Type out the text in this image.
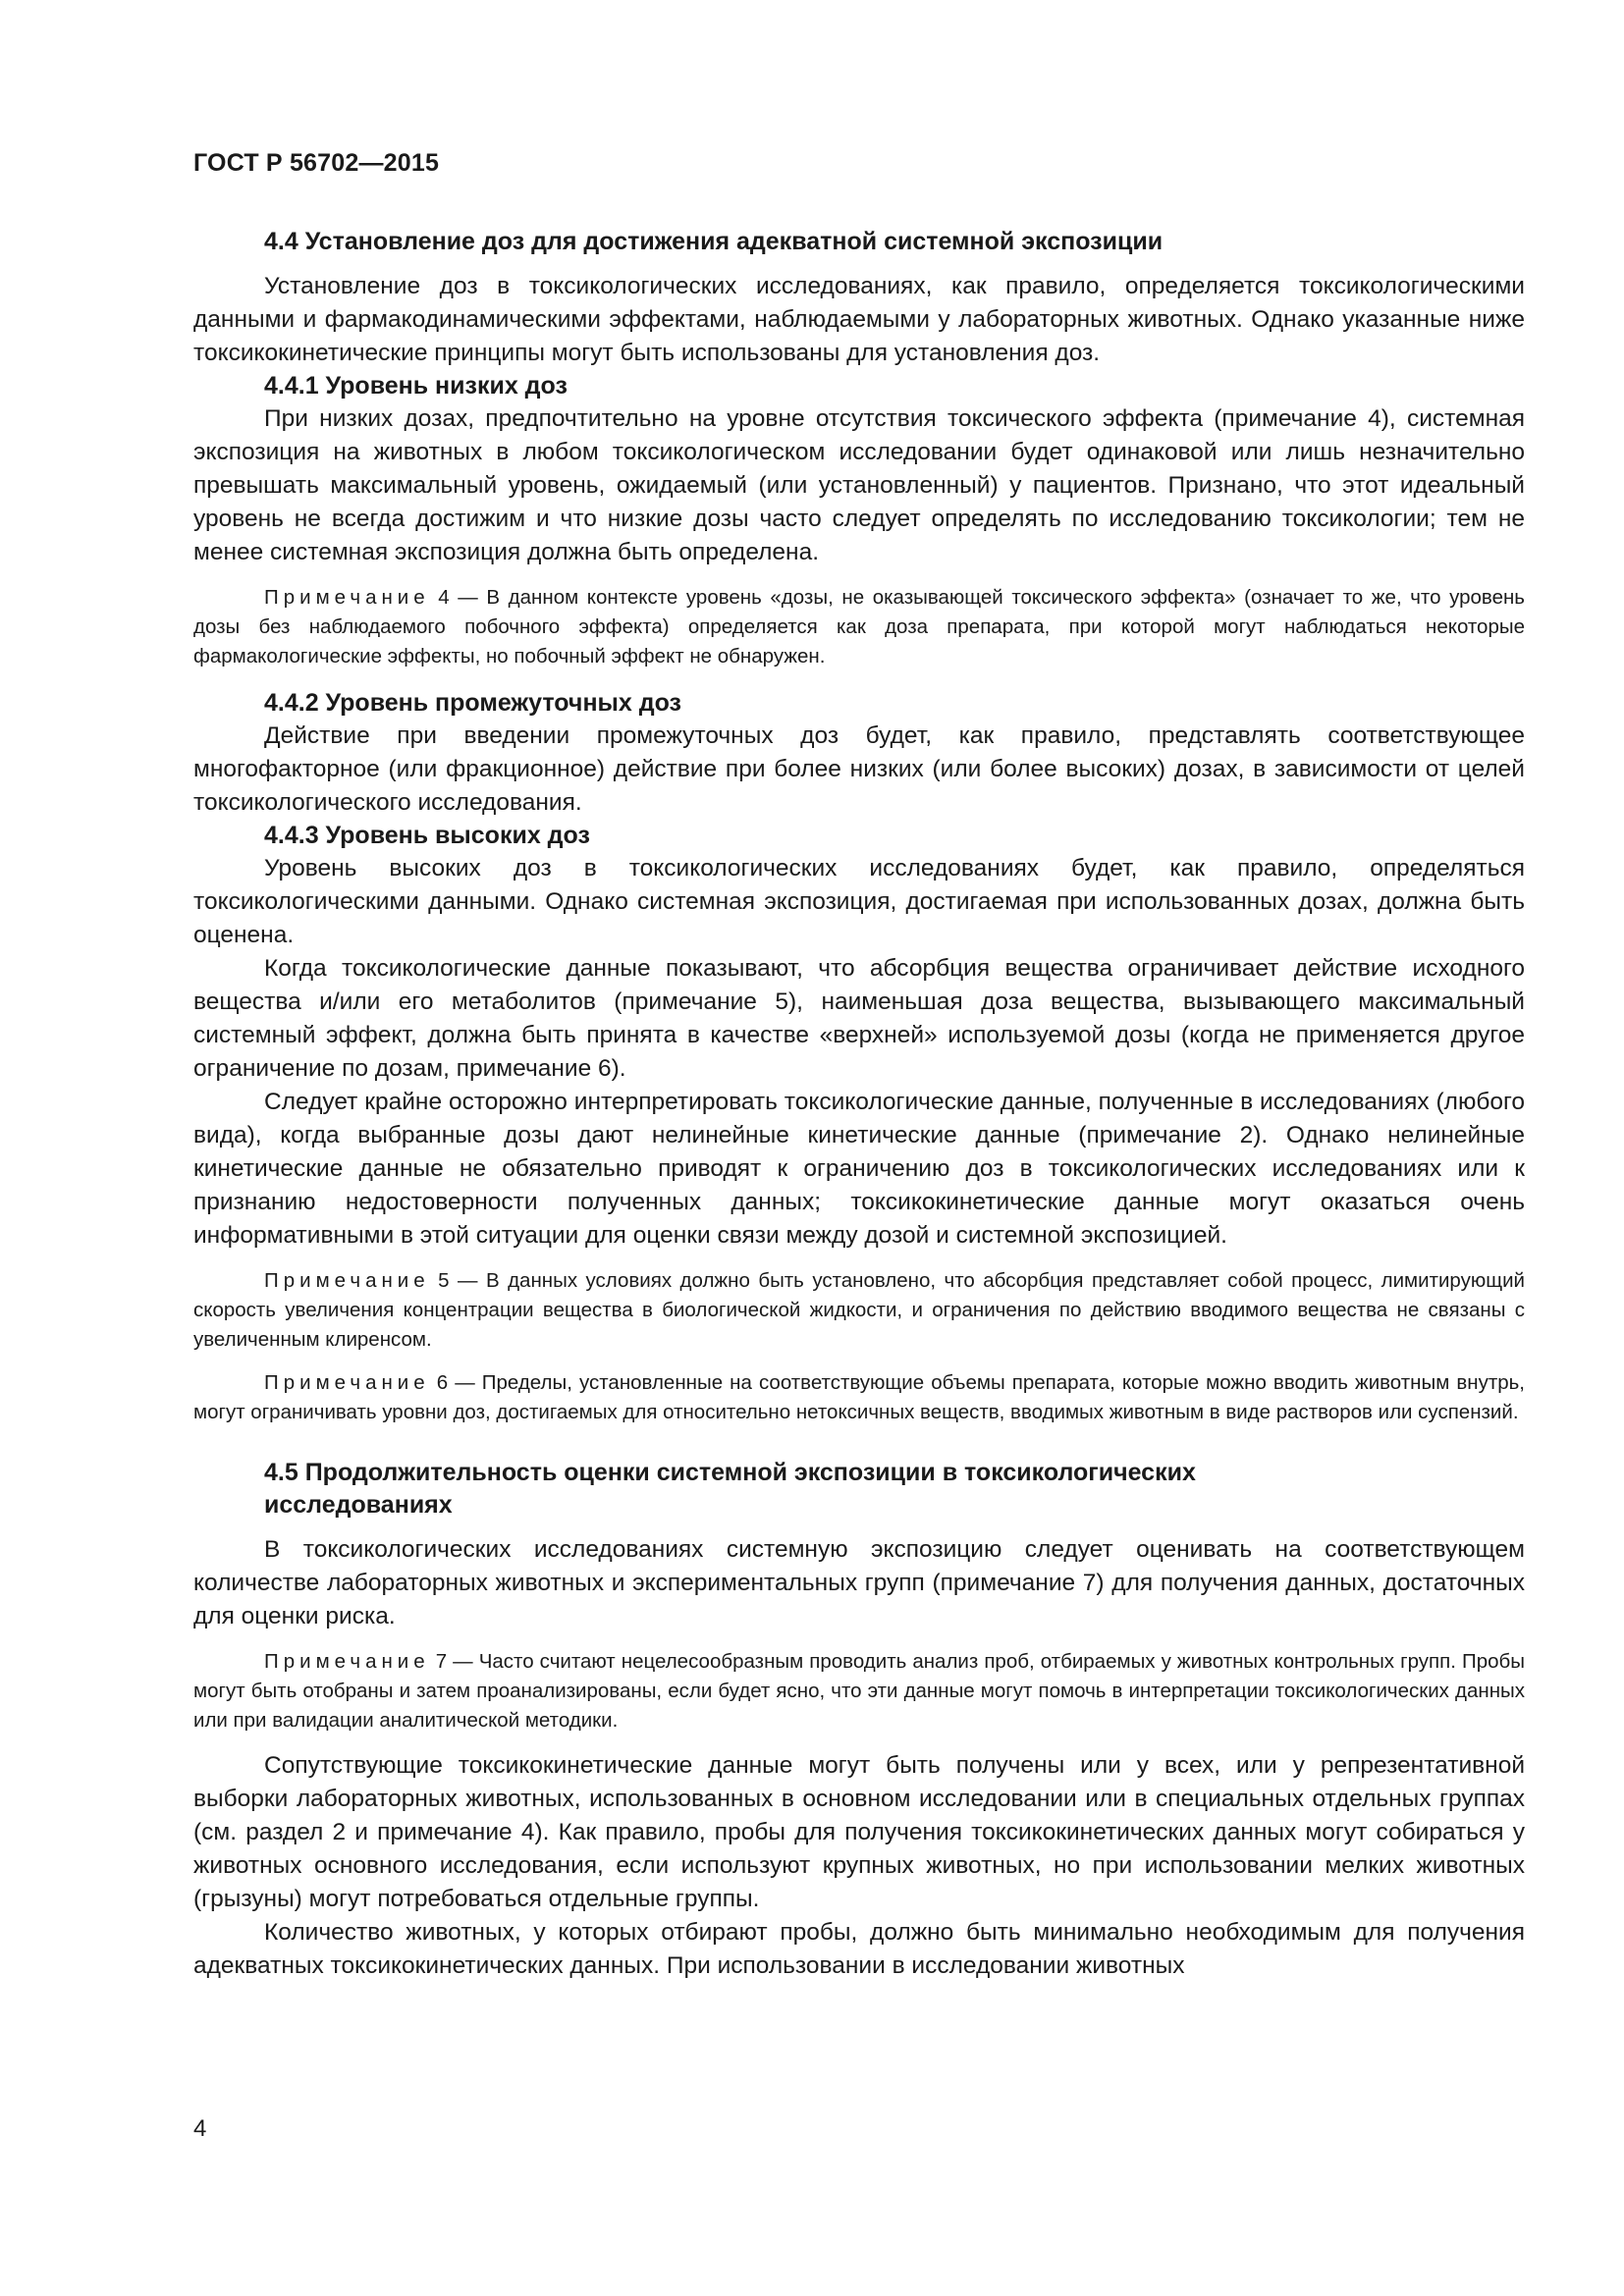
ГОСТ Р 56702—2015

4.4 Установление доз для достижения адекватной системной экспозиции

Установление доз в токсикологических исследованиях, как правило, определяется токсикологическими данными и фармакодинамическими эффектами, наблюдаемыми у лабораторных животных. Однако указанные ниже токсикокинетические принципы могут быть использованы для установления доз.

4.4.1 Уровень низких доз

При низких дозах, предпочтительно на уровне отсутствия токсического эффекта (примечание 4), системная экспозиция на животных в любом токсикологическом исследовании будет одинаковой или лишь незначительно превышать максимальный уровень, ожидаемый (или установленный) у пациентов. Признано, что этот идеальный уровень не всегда достижим и что низкие дозы часто следует определять по исследованию токсикологии; тем не менее системная экспозиция должна быть определена.

Примечание 4 — В данном контексте уровень «дозы, не оказывающей токсического эффекта» (означает то же, что уровень дозы без наблюдаемого побочного эффекта) определяется как доза препарата, при которой могут наблюдаться некоторые фармакологические эффекты, но побочный эффект не обнаружен.

4.4.2 Уровень промежуточных доз

Действие при введении промежуточных доз будет, как правило, представлять соответствующее многофакторное (или фракционное) действие при более низких (или более высоких) дозах, в зависимости от целей токсикологического исследования.

4.4.3 Уровень высоких доз

Уровень высоких доз в токсикологических исследованиях будет, как правило, определяться токсикологическими данными. Однако системная экспозиция, достигаемая при использованных дозах, должна быть оценена.

Когда токсикологические данные показывают, что абсорбция вещества ограничивает действие исходного вещества и/или его метаболитов (примечание 5), наименьшая доза вещества, вызывающего максимальный системный эффект, должна быть принята в качестве «верхней» используемой дозы (когда не применяется другое ограничение по дозам, примечание 6).

Следует крайне осторожно интерпретировать токсикологические данные, полученные в исследованиях (любого вида), когда выбранные дозы дают нелинейные кинетические данные (примечание 2). Однако нелинейные кинетические данные не обязательно приводят к ограничению доз в токсикологических исследованиях или к признанию недостоверности полученных данных; токсикокинетические данные могут оказаться очень информативными в этой ситуации для оценки связи между дозой и системной экспозицией.

Примечание 5 — В данных условиях должно быть установлено, что абсорбция представляет собой процесс, лимитирующий скорость увеличения концентрации вещества в биологической жидкости, и ограничения по действию вводимого вещества не связаны с увеличенным клиренсом.

Примечание 6 — Пределы, установленные на соответствующие объемы препарата, которые можно вводить животным внутрь, могут ограничивать уровни доз, достигаемых для относительно нетоксичных веществ, вводимых животным в виде растворов или суспензий.

4.5 Продолжительность оценки системной экспозиции в токсикологических

исследованиях

В токсикологических исследованиях системную экспозицию следует оценивать на соответствующем количестве лабораторных животных и экспериментальных групп (примечание 7) для получения данных, достаточных для оценки риска.

Примечание 7 — Часто считают нецелесообразным проводить анализ проб, отбираемых у животных контрольных групп. Пробы могут быть отобраны и затем проанализированы, если будет ясно, что эти данные могут помочь в интерпретации токсикологических данных или при валидации аналитической методики.

Сопутствующие токсикокинетические данные могут быть получены или у всех, или у репрезентативной выборки лабораторных животных, использованных в основном исследовании или в специальных отдельных группах (см. раздел 2 и примечание 4). Как правило, пробы для получения токсикокинетических данных могут собираться у животных основного исследования, если используют крупных животных, но при использовании мелких животных (грызуны) могут потребоваться отдельные группы.

Количество животных, у которых отбирают пробы, должно быть минимально необходимым для получения адекватных токсикокинетических данных. При использовании в исследовании животных

4
